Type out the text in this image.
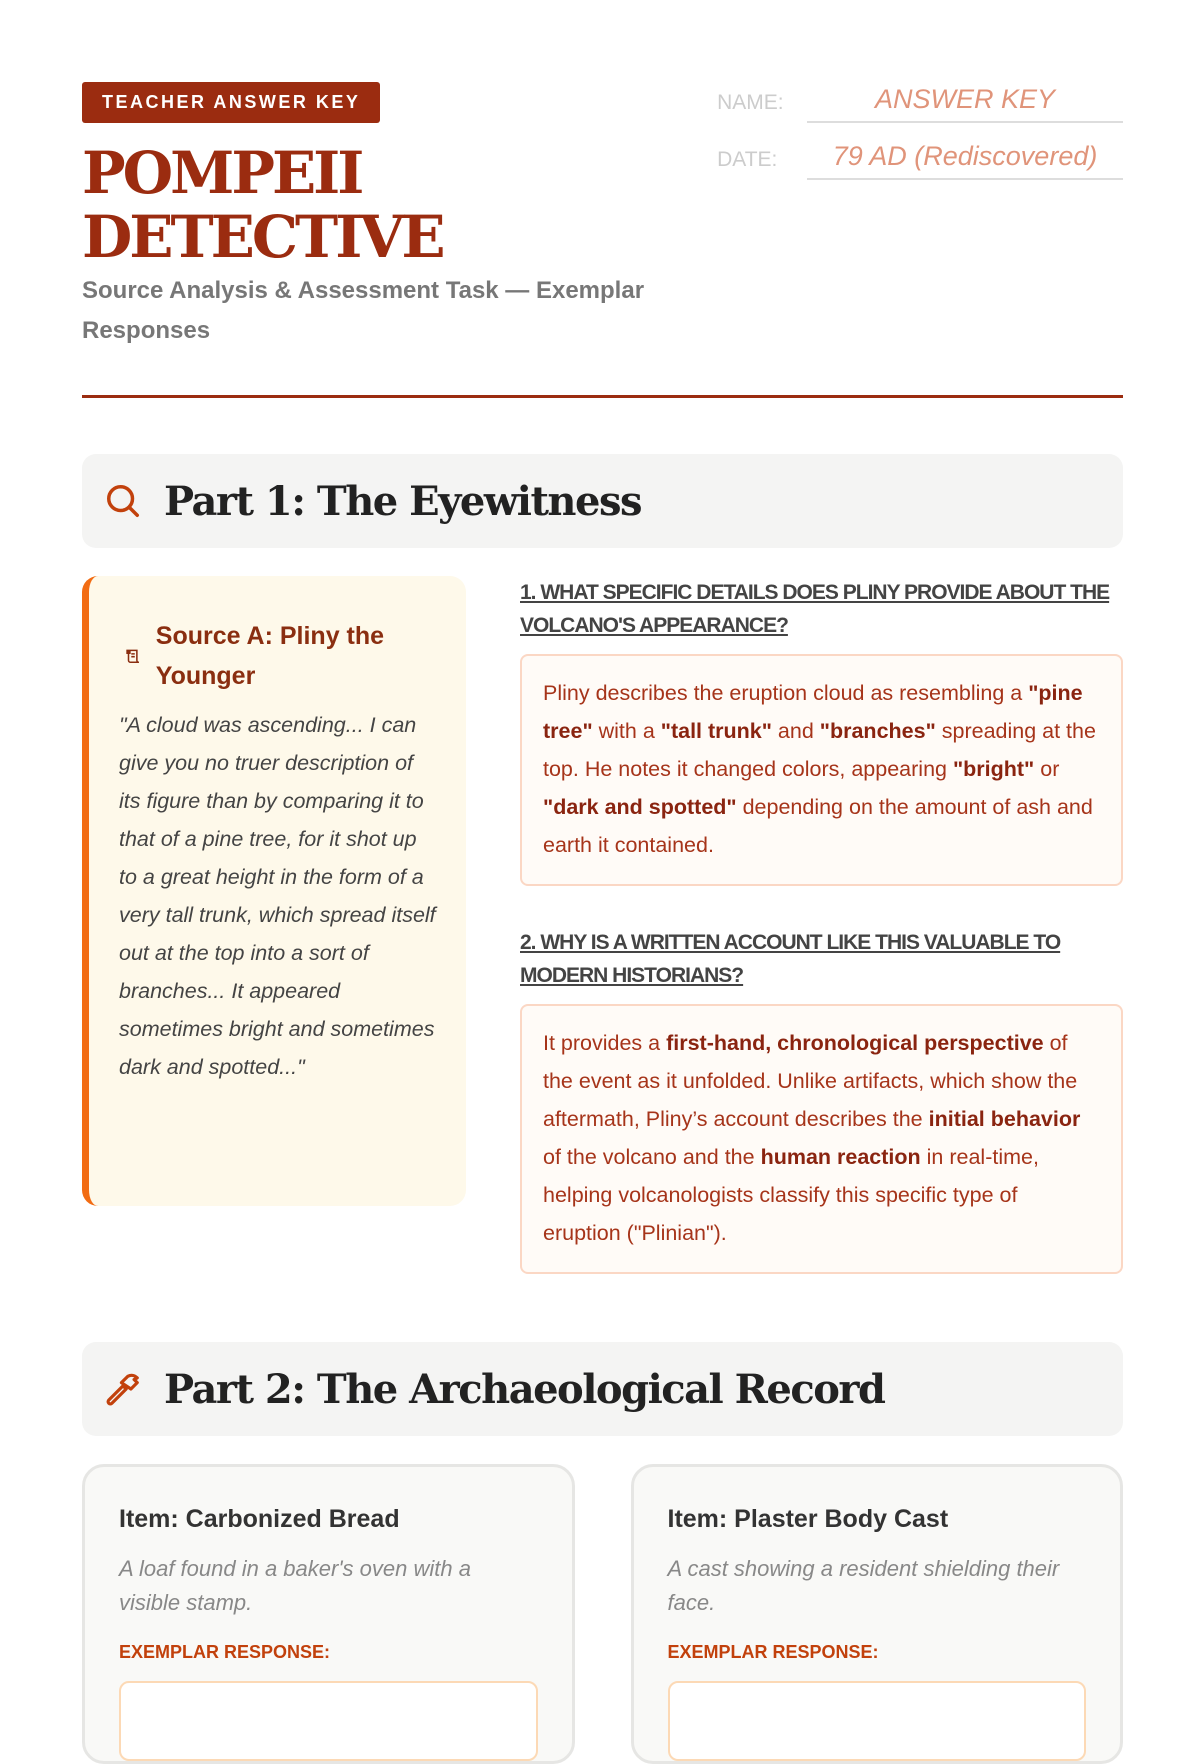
TEACHER ANSWER KEY
POMPEII DETECTIVE
Source Analysis & Assessment Task — Exemplar Responses
NAME:	ANSWER KEY
DATE:	79 AD (Rediscovered)
Part 1: The Eyewitness
Source A: Pliny the Younger

"A cloud was ascending... I can give you no truer description of its figure than by comparing it to that of a pine tree, for it shot up to a great height in the form of a very tall trunk, which spread itself out at the top into a sort of branches... It appeared sometimes bright and sometimes dark and spotted..."

1. WHAT SPECIFIC DETAILS DOES PLINY PROVIDE ABOUT THE VOLCANO'S APPEARANCE?
Pliny describes the eruption cloud as resembling a "pine tree" with a "tall trunk" and "branches" spreading at the top. He notes it changed colors, appearing "bright" or "dark and spotted" depending on the amount of ash and earth it contained.
2. WHY IS A WRITTEN ACCOUNT LIKE THIS VALUABLE TO MODERN HISTORIANS?
It provides a first-hand, chronological perspective of the event as it unfolded. Unlike artifacts, which show the aftermath, Pliny’s account describes the initial behavior of the volcano and the human reaction in real-time, helping volcanologists classify this specific type of eruption ("Plinian").
Part 2: The Archaeological Record
Item: Carbonized Bread

A loaf found in a baker's oven with a visible stamp.

EXEMPLAR RESPONSE:
Item: Plaster Body Cast

A cast showing a resident shielding their face.

EXEMPLAR RESPONSE:
